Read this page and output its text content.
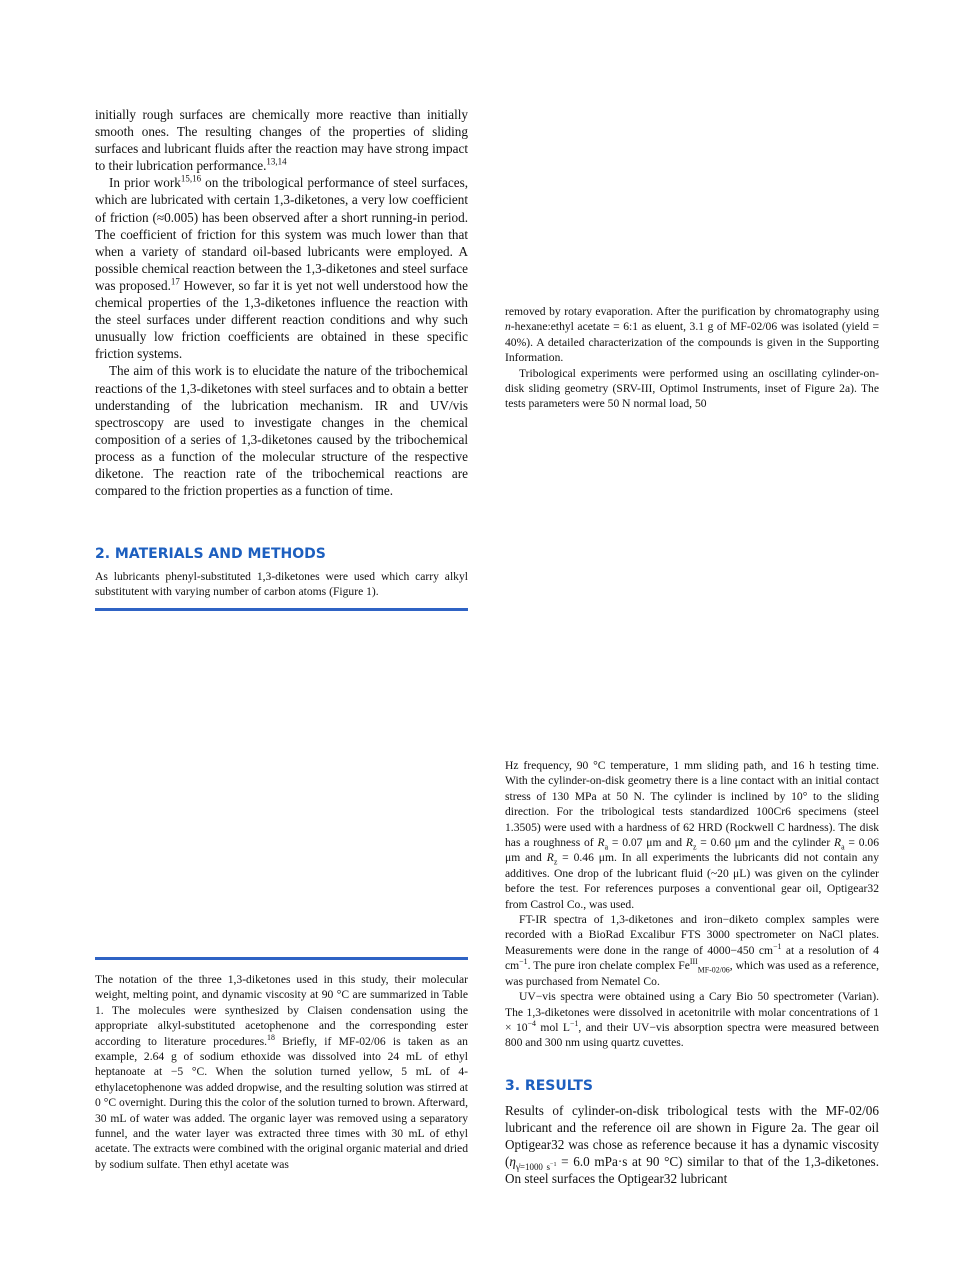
initially rough surfaces are chemically more reactive than initially smooth ones. The resulting changes of the properties of sliding surfaces and lubricant fluids after the reaction may have strong impact to their lubrication performance.$^{13,14}$

In prior work$^{15,16}$ on the tribological performance of steel surfaces, which are lubricated with certain 1,3-diketones, a very low coefficient of friction (≈0.005) has been observed after a short running-in period. The coefficient of friction for this system was much lower than that when a variety of standard oil-based lubricants were employed. A possible chemical reaction between the 1,3-diketones and steel surface was proposed.$^{17}$ However, so far it is yet not well understood how the chemical properties of the 1,3-diketones influence the reaction with the steel surfaces under different reaction conditions and why such unusually low friction coefficients are obtained in these specific friction systems.

The aim of this work is to elucidate the nature of the tribochemical reactions of the 1,3-diketones with steel surfaces and to obtain a better understanding of the lubrication mechanism. IR and UV/vis spectroscopy are used to investigate changes in the chemical composition of a series of 1,3-diketones caused by the tribochemical process as a function of the molecular structure of the respective diketone. The reaction rate of the tribochemical reactions are compared to the friction properties as a function of time.

2. MATERIALS AND METHODS

As lubricants phenyl-substituted 1,3-diketones were used which carry alkyl substitutent with varying number of carbon atoms (Figure 1).

The notation of the three 1,3-diketones used in this study, their molecular weight, melting point, and dynamic viscosity at 90 °C are summarized in Table 1. The molecules were synthesized by Claisen condensation using the appropriate alkyl-substituted acetophenone and the corresponding ester according to literature procedures.$^{18}$ Briefly, if MF-02/06 is taken as an example, 2.64 g of sodium ethoxide was dissolved into 24 mL of ethyl heptanoate at −5 °C. When the solution turned yellow, 5 mL of 4-ethylacetophenone was added dropwise, and the resulting solution was stirred at 0 °C overnight. During this the color of the solution turned to brown. Afterward, 30 mL of water was added. The organic layer was removed using a separatory funnel, and the water layer was extracted three times with 30 mL of ethyl acetate. The extracts were combined with the original organic material and dried by sodium sulfate. Then ethyl acetate was

removed by rotary evaporation. After the purification by chromatography using n-hexane:ethyl acetate = 6:1 as eluent, 3.1 g of MF-02/06 was isolated (yield = 40%). A detailed characterization of the compounds is given in the Supporting Information.

Tribological experiments were performed using an oscillating cylinder-on-disk sliding geometry (SRV-III, Optimol Instruments, inset of Figure 2a). The tests parameters were 50 N normal load, 50

Hz frequency, 90 °C temperature, 1 mm sliding path, and 16 h testing time. With the cylinder-on-disk geometry there is a line contact with an initial contact stress of 130 MPa at 50 N. The cylinder is inclined by 10° to the sliding direction. For the tribological tests standardized 100Cr6 specimens (steel 1.3505) were used with a hardness of 62 HRD (Rockwell C hardness). The disk has a roughness of $R_a = 0.07$ μm and $R_z = 0.60$ μm and the cylinder $R_a = 0.06$ μm and $R_z = 0.46$ μm. In all experiments the lubricants did not contain any additives. One drop of the lubricant fluid (~20 μL) was given on the cylinder before the test. For references purposes a conventional gear oil, Optigear32 from Castrol Co., was used.

FT-IR spectra of 1,3-diketones and iron−diketo complex samples were recorded with a BioRad Excalibur FTS 3000 spectrometer on NaCl plates. Measurements were done in the range of 4000−450 $cm^{-1}$ at a resolution of 4 $cm^{-1}$. The pure iron chelate complex $Fe^{III}_{MF-02/06}$, which was used as a reference, was purchased from Nematel Co.

UV−vis spectra were obtained using a Cary Bio 50 spectrometer (Varian). The 1,3-diketones were dissolved in acetonitrile with molar concentrations of $1 \times 10^{-4}$ mol $L^{-1}$, and their UV−vis absorption spectra were measured between 800 and 300 nm using quartz cuvettes.

3. RESULTS

Results of cylinder-on-disk tribological tests with the MF-02/06 lubricant and the reference oil are shown in Figure 2a. The gear oil Optigear32 was chose as reference because it has a dynamic viscosity ($\eta_{\gammȧ=1000 s^{-1}} = 6.0$ mPa·s at 90 °C) similar to that of the 1,3-diketones. On steel surfaces the Optigear32 lubricant
